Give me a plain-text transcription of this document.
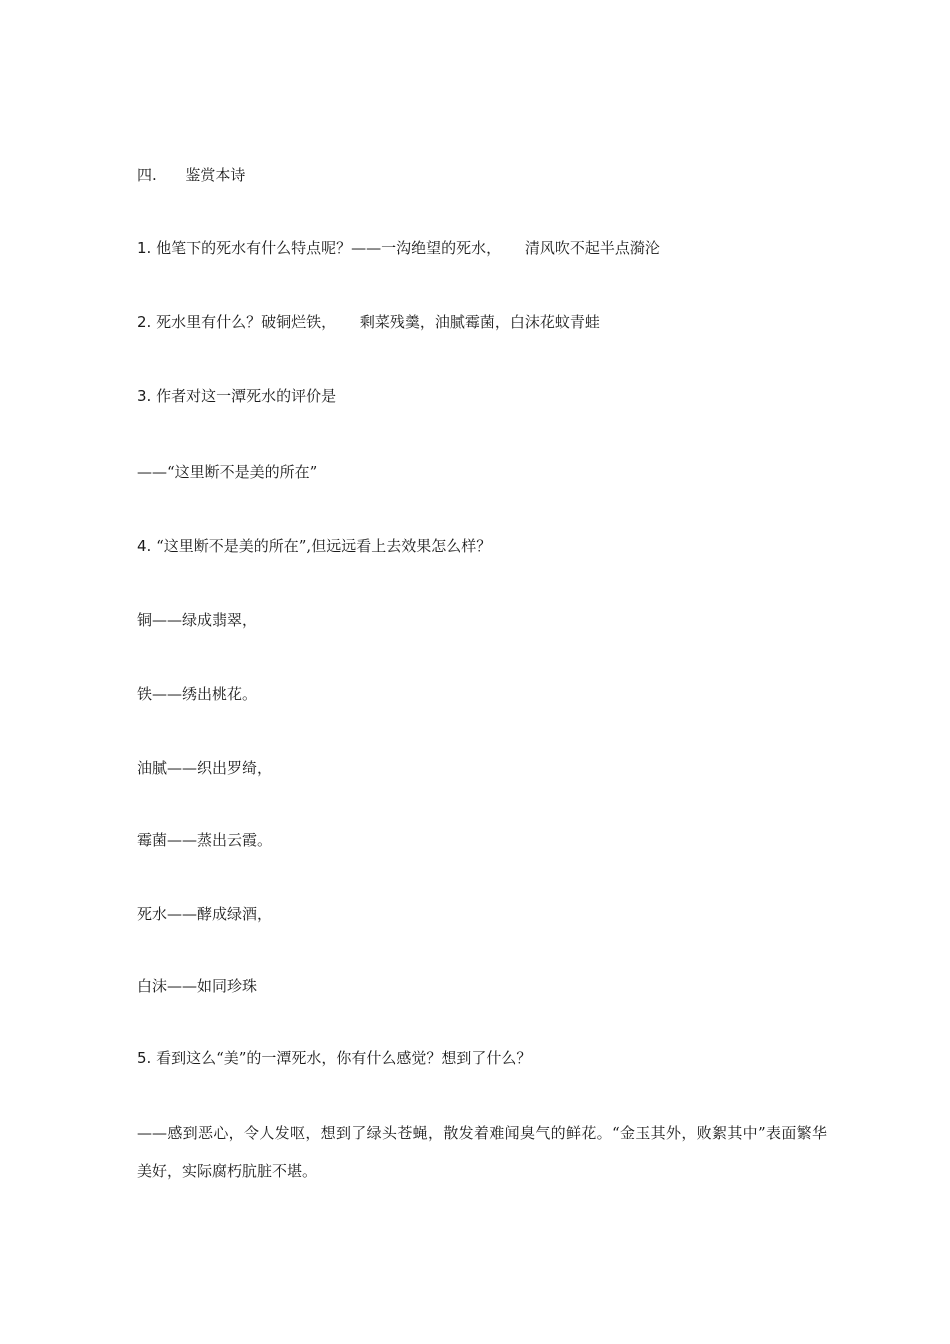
四.      鉴赏本诗
1. 他笔下的死水有什么特点呢？——一沟绝望的死水，     清风吹不起半点漪沦
2. 死水里有什么？破铜烂铁，     剩菜残羹，油腻霉菌，白沫花蚊青蛙
3. 作者对这一潭死水的评价是
——“这里断不是美的所在”
4. “这里断不是美的所在”,但远远看上去效果怎么样？
铜——绿成翡翠，
铁——绣出桃花。
油腻——织出罗绮，
霉菌——蒸出云霞。
死水——酵成绿酒，
白沫——如同珍珠
5. 看到这么“美”的一潭死水，你有什么感觉？想到了什么？
——感到恶心，令人发呕，想到了绿头苍蝇，散发着难闻臭气的鲜花。“金玉其外，败絮其中”表面繁华美好，实际腐朽肮脏不堪。
